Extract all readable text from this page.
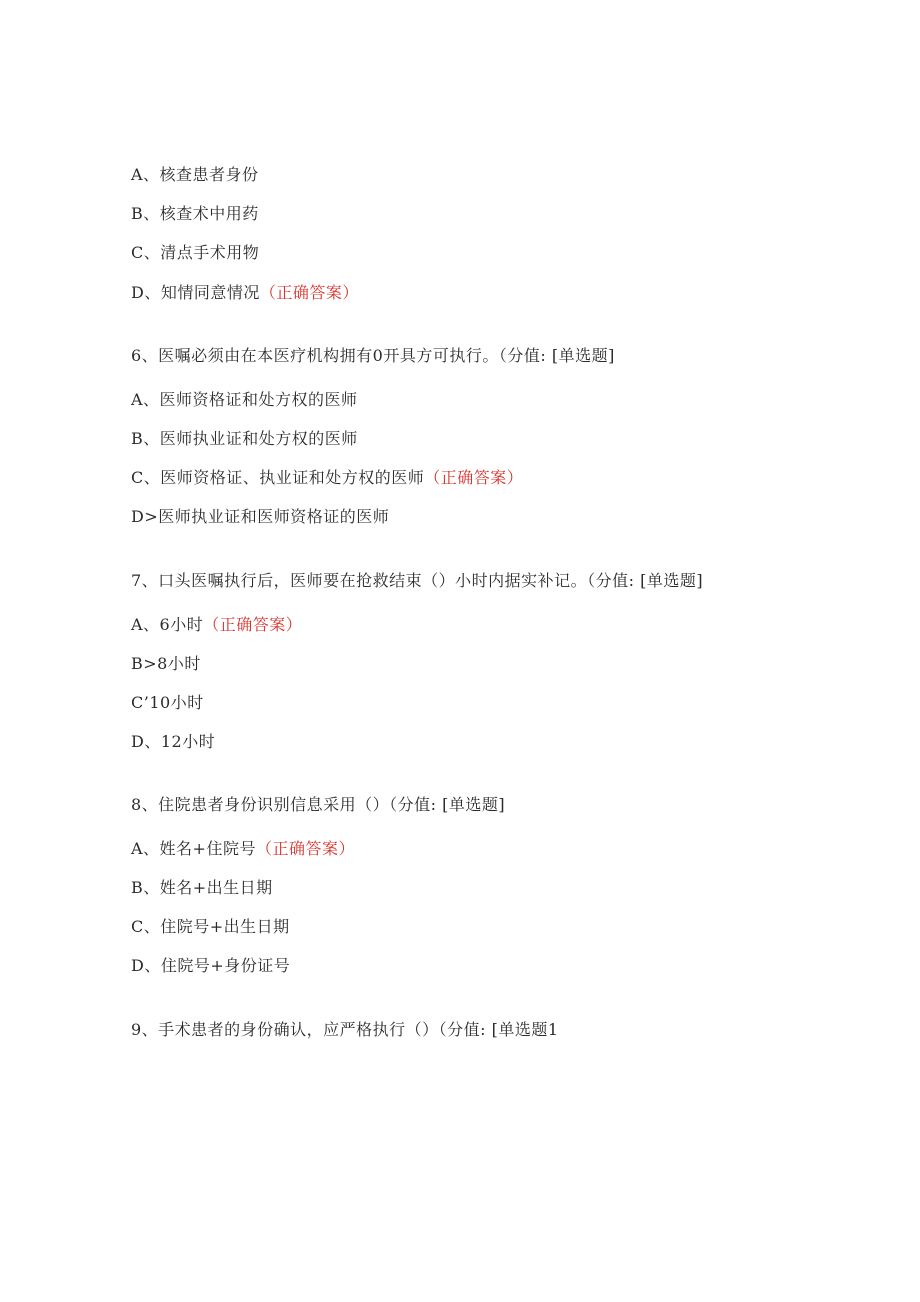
A、核查患者身份
B、核查术中用药
C、清点手术用物
D、知情同意情况（正确答案）
6、医嘱必须由在本医疗机构拥有0开具方可执行。（分值: [单选题]
A、医师资格证和处方权的医师
B、医师执业证和处方权的医师
C、医师资格证、执业证和处方权的医师（正确答案）
D>医师执业证和医师资格证的医师
7、口头医嘱执行后，医师要在抢救结束（）小时内据实补记。（分值: [单选题]
A、6小时（正确答案）
B>8小时
C’10小时
D、12小时
8、住院患者身份识别信息采用（）（分值: [单选题]
A、姓名+住院号（正确答案）
B、姓名+出生日期
C、住院号+出生日期
D、住院号+身份证号
9、手术患者的身份确认，应严格执行（）（分值: [单选题1
